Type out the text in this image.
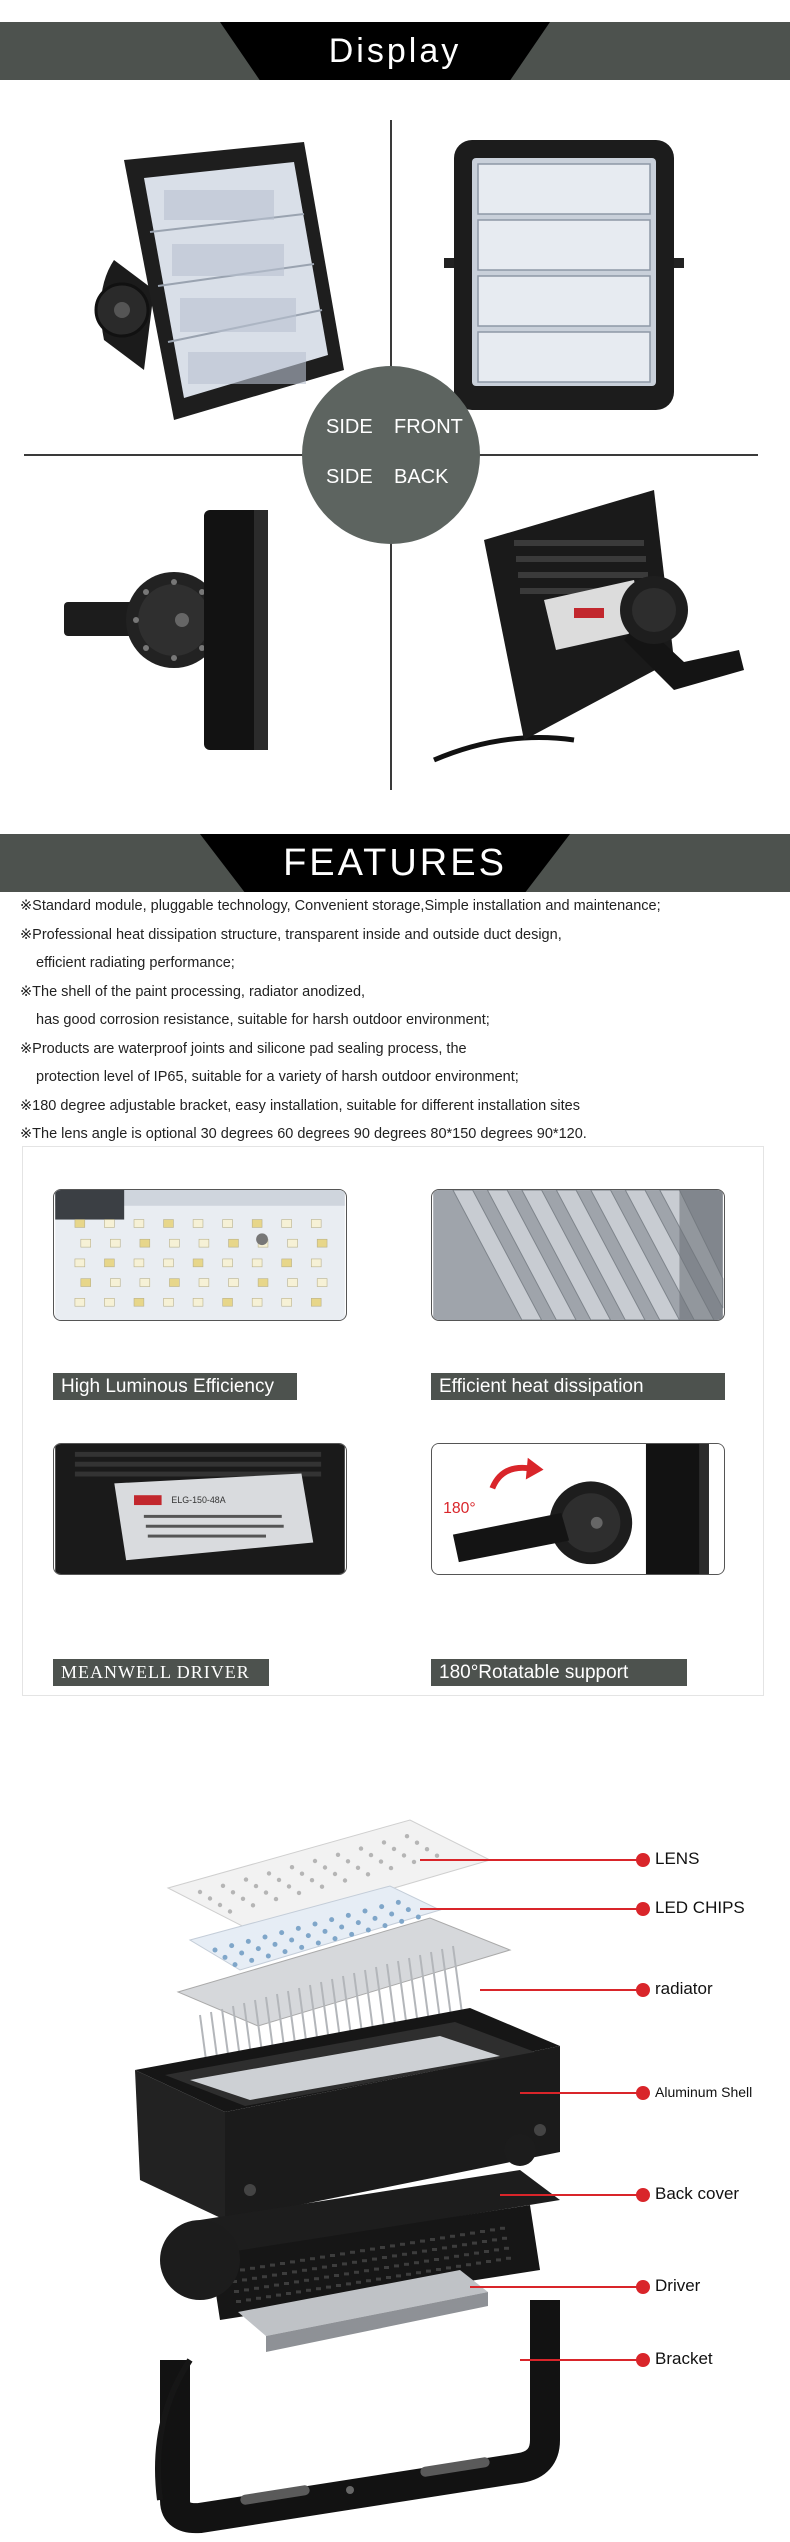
Display
SIDE FRONT
SIDE BACK
FEATURES

※Standard module, pluggable technology, Convenient storage,Simple installation and maintenance;

※Professional heat dissipation structure, transparent inside and outside duct design,

efficient radiating performance;

※The shell of the paint processing, radiator anodized,

has good corrosion resistance, suitable for harsh outdoor environment;

※Products are waterproof joints and silicone pad sealing process, the

protection level of IP65, suitable for a variety of harsh outdoor environment;

※180 degree adjustable bracket, easy installation, suitable for different installation sites

※The lens angle is optional 30 degrees 60 degrees 90 degrees 80*150 degrees 90*120.

High Luminous Efficiency	Efficient heat dissipation
ELG-150-48A
MEANWELL DRIVER
180°
180°Rotatable support
LENS
LED CHIPS
radiator
Aluminum Shell
Back cover
Driver
Bracket
